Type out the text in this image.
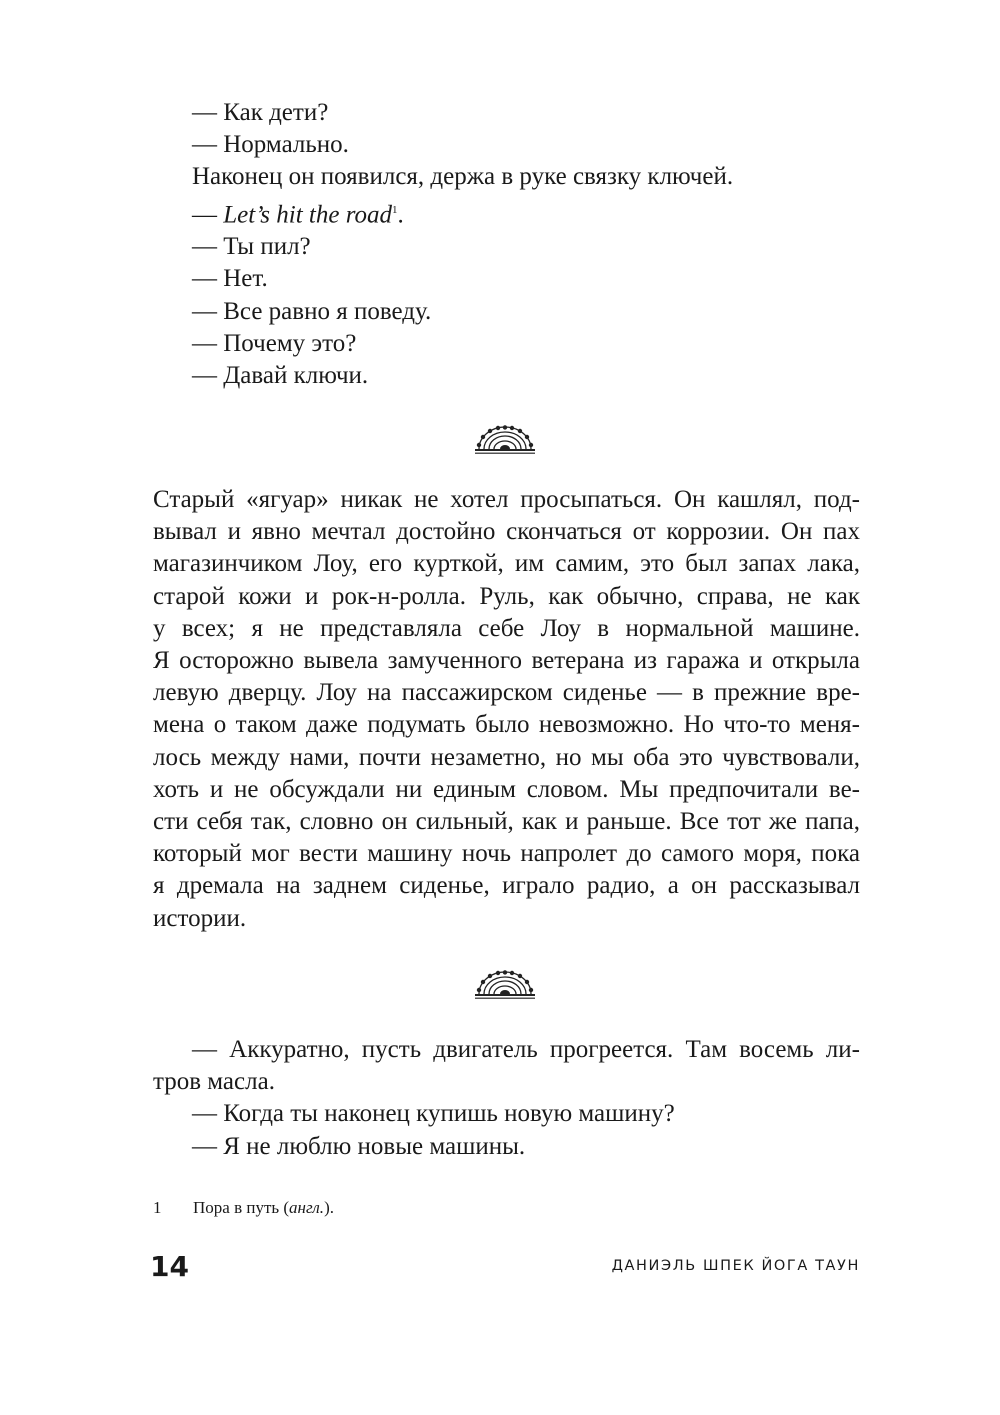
— Как дети?
— Нормально.
Наконец он появился, держа в руке связку ключей.
— Let’s hit the road$^1$.
— Ты пил?
— Нет.
— Все равно я поведу.
— Почему это?
— Давай ключи.
Старый «ягуар» никак не хотел просыпаться. Он кашлял, под-
вывал и явно мечтал достойно скончаться от коррозии. Он пах
магазинчиком Лоу, его курткой, им самим, это был запах лака,
старой кожи и рок-н-ролла. Руль, как обычно, справа, не как
у всех; я не представляла себе Лоу в нормальной машине.
Я осторожно вывела замученного ветерана из гаража и открыла
левую дверцу. Лоу на пассажирском сиденье — в прежние вре-
мена о таком даже подумать было невозможно. Но что-то меня-
лось между нами, почти незаметно, но мы оба это чувствовали,
хоть и не обсуждали ни единым словом. Мы предпочитали ве-
сти себя так, словно он сильный, как и раньше. Все тот же папа,
который мог вести машину ночь напролет до самого моря, пока
я дремала на заднем сиденье, играло радио, а он рассказывал
истории.
— Аккуратно, пусть двигатель прогреется. Там восемь ли-
тров масла.
— Когда ты наконец купишь новую машину?
— Я не люблю новые машины.
1 Пора в путь (англ.).
14	ДАНИЭЛЬ ШПЕК ЙОГА ТАУН
